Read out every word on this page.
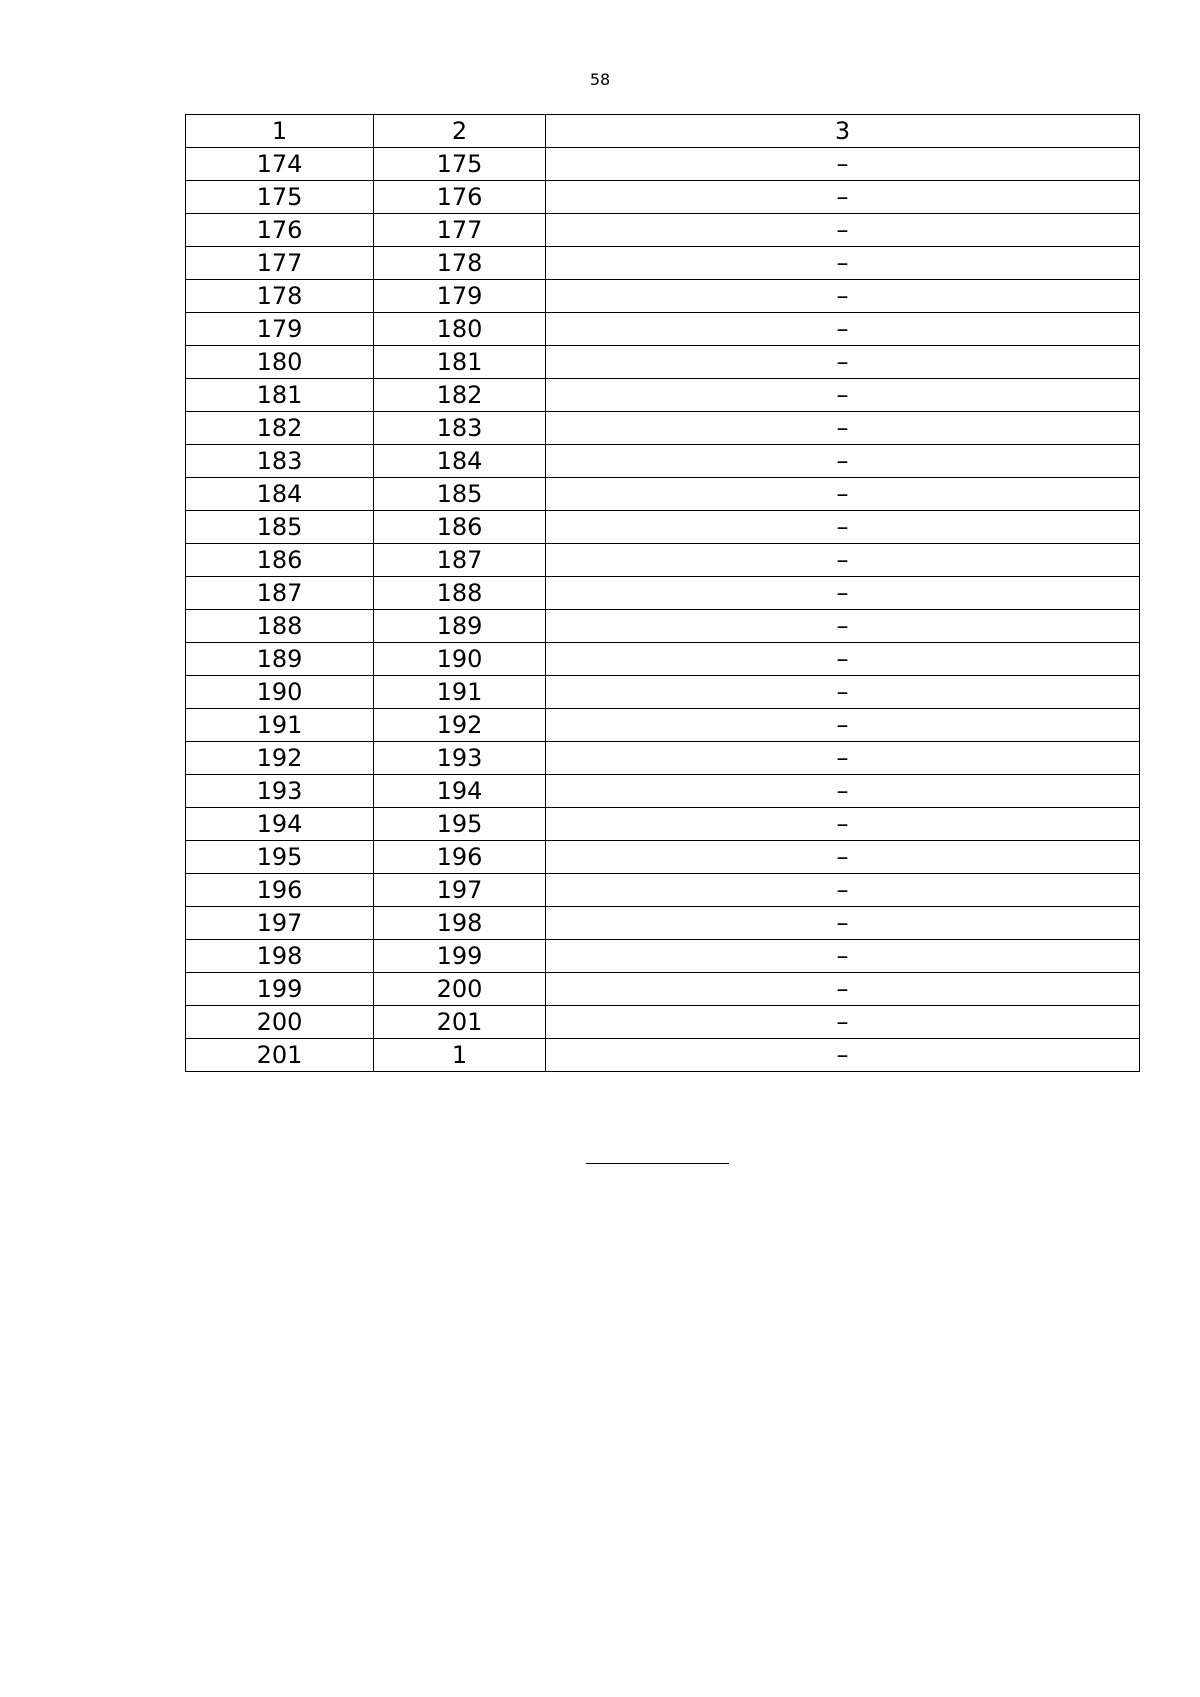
58
1	2	3
174	175	–
175	176	–
176	177	–
177	178	–
178	179	–
179	180	–
180	181	–
181	182	–
182	183	–
183	184	–
184	185	–
185	186	–
186	187	–
187	188	–
188	189	–
189	190	–
190	191	–
191	192	–
192	193	–
193	194	–
194	195	–
195	196	–
196	197	–
197	198	–
198	199	–
199	200	–
200	201	–
201	1	–
